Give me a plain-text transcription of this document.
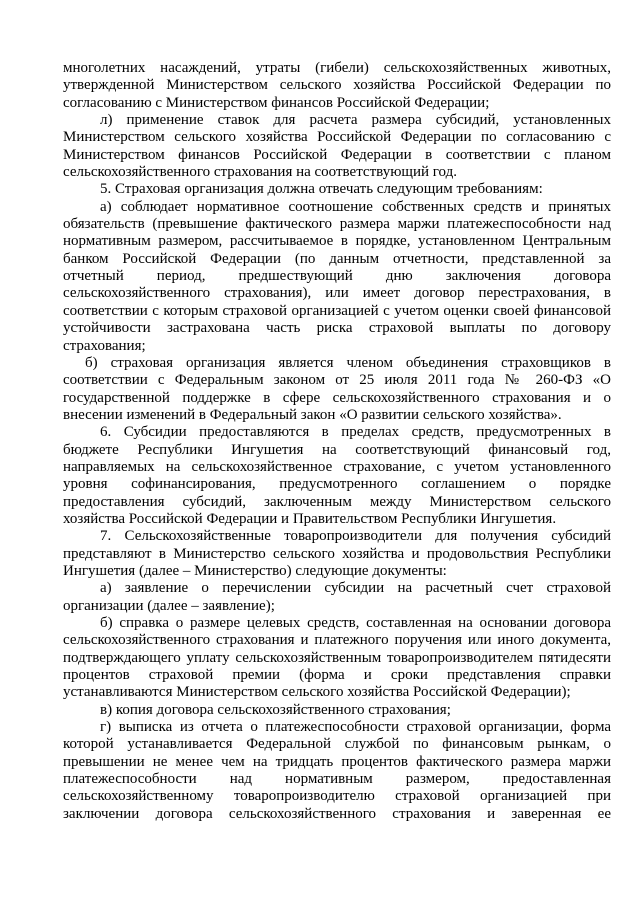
многолетних насаждений, утраты (гибели) сельскохозяйственных животных,
утвержденной Министерством сельского хозяйства Российской Федерации по
согласованию с Министерством финансов Российской Федерации;
л) применение ставок для расчета размера субсидий, установленных
Министерством сельского хозяйства Российской Федерации по согласованию с
Министерством финансов Российской Федерации в соответствии с планом
сельскохозяйственного страхования на соответствующий год.
5. Страховая организация должна отвечать следующим требованиям:
а) соблюдает нормативное соотношение собственных средств и принятых
обязательств (превышение фактического размера маржи платежеспособности над
нормативным размером, рассчитываемое в порядке, установленном Центральным
банком Российской Федерации (по данным отчетности, представленной за
отчетный период, предшествующий дню заключения договора
сельскохозяйственного страхования), или имеет договор перестрахования, в
соответствии с которым страховой организацией с учетом оценки своей финансовой
устойчивости застрахована часть риска страховой выплаты по договору
страхования;
б) страховая организация является членом объединения страховщиков в
соответствии с Федеральным законом от 25 июля 2011 года № 260-ФЗ «О
государственной поддержке в сфере сельскохозяйственного страхования и о
внесении изменений в Федеральный закон «О развитии сельского хозяйства».
6. Субсидии предоставляются в пределах средств, предусмотренных в
бюджете Республики Ингушетия на соответствующий финансовый год,
направляемых на сельскохозяйственное страхование, с учетом установленного
уровня софинансирования, предусмотренного соглашением о порядке
предоставления субсидий, заключенным между Министерством сельского
хозяйства Российской Федерации и Правительством Республики Ингушетия.
7. Сельскохозяйственные товаропроизводители для получения субсидий
представляют в Министерство сельского хозяйства и продовольствия Республики
Ингушетия (далее – Министерство) следующие документы:
а) заявление о перечислении субсидии на расчетный счет страховой
организации (далее – заявление);
б) справка о размере целевых средств, составленная на основании договора
сельскохозяйственного страхования и платежного поручения или иного документа,
подтверждающего уплату сельскохозяйственным товаропроизводителем пятидесяти
процентов страховой премии (форма и сроки представления справки
устанавливаются Министерством сельского хозяйства Российской Федерации);
в) копия договора сельскохозяйственного страхования;
г) выписка из отчета о платежеспособности страховой организации, форма
которой устанавливается Федеральной службой по финансовым рынкам, о
превышении не менее чем на тридцать процентов фактического размера маржи
платежеспособности над нормативным размером, предоставленная
сельскохозяйственному товаропроизводителю страховой организацией при
заключении договора сельскохозяйственного страхования и заверенная ее
